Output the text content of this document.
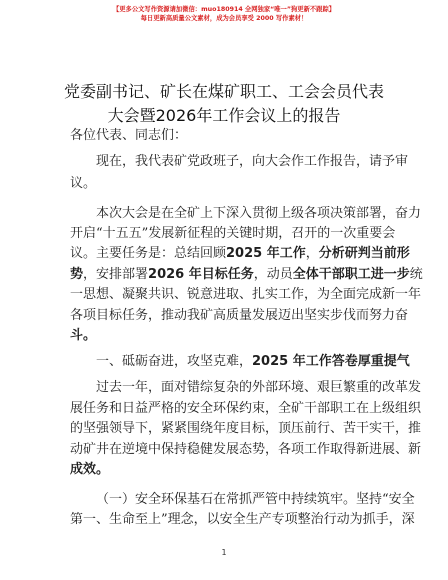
【更多公文写作资源请加微信：muo180914 全网独家“唯一”狗更新不跟踪】
每日更新高质量公文素材，成为会员享受 2000 写作素材！
党委副书记、矿长在煤矿职工、工会会员代表
大会暨2026年工作会议上的报告
各位代表、同志们：
现在，我代表矿党政班子，向大会作工作报告，请予审
议。
本次大会是在全矿上下深入贯彻上级各项决策部署，奋力
开启“十五五”发展新征程的关键时期，召开的一次重要会
议。主要任务是：总结回顾2025 年工作，分析研判当前形
势，安排部署2026 年目标任务，动员全体干部职工进一步统
一思想、凝聚共识、锐意进取、扎实工作，为全面完成新一年
各项目标任务，推动我矿高质量发展迈出坚实步伐而努力奋
斗。
一、砥砺奋进，攻坚克难，2025 年工作答卷厚重提气
过去一年，面对错综复杂的外部环境、艰巨繁重的改革发
展任务和日益严格的安全环保约束，全矿干部职工在上级组织
的坚强领导下，紧紧围绕年度目标，顶压前行、苦干实干，推
动矿井在逆境中保持稳健发展态势，各项工作取得新进展、新
成效。
（一）安全环保基石在常抓严管中持续筑牢。坚持“安全
第一、生命至上”理念，以安全生产专项整治行动为抓手，深
1
